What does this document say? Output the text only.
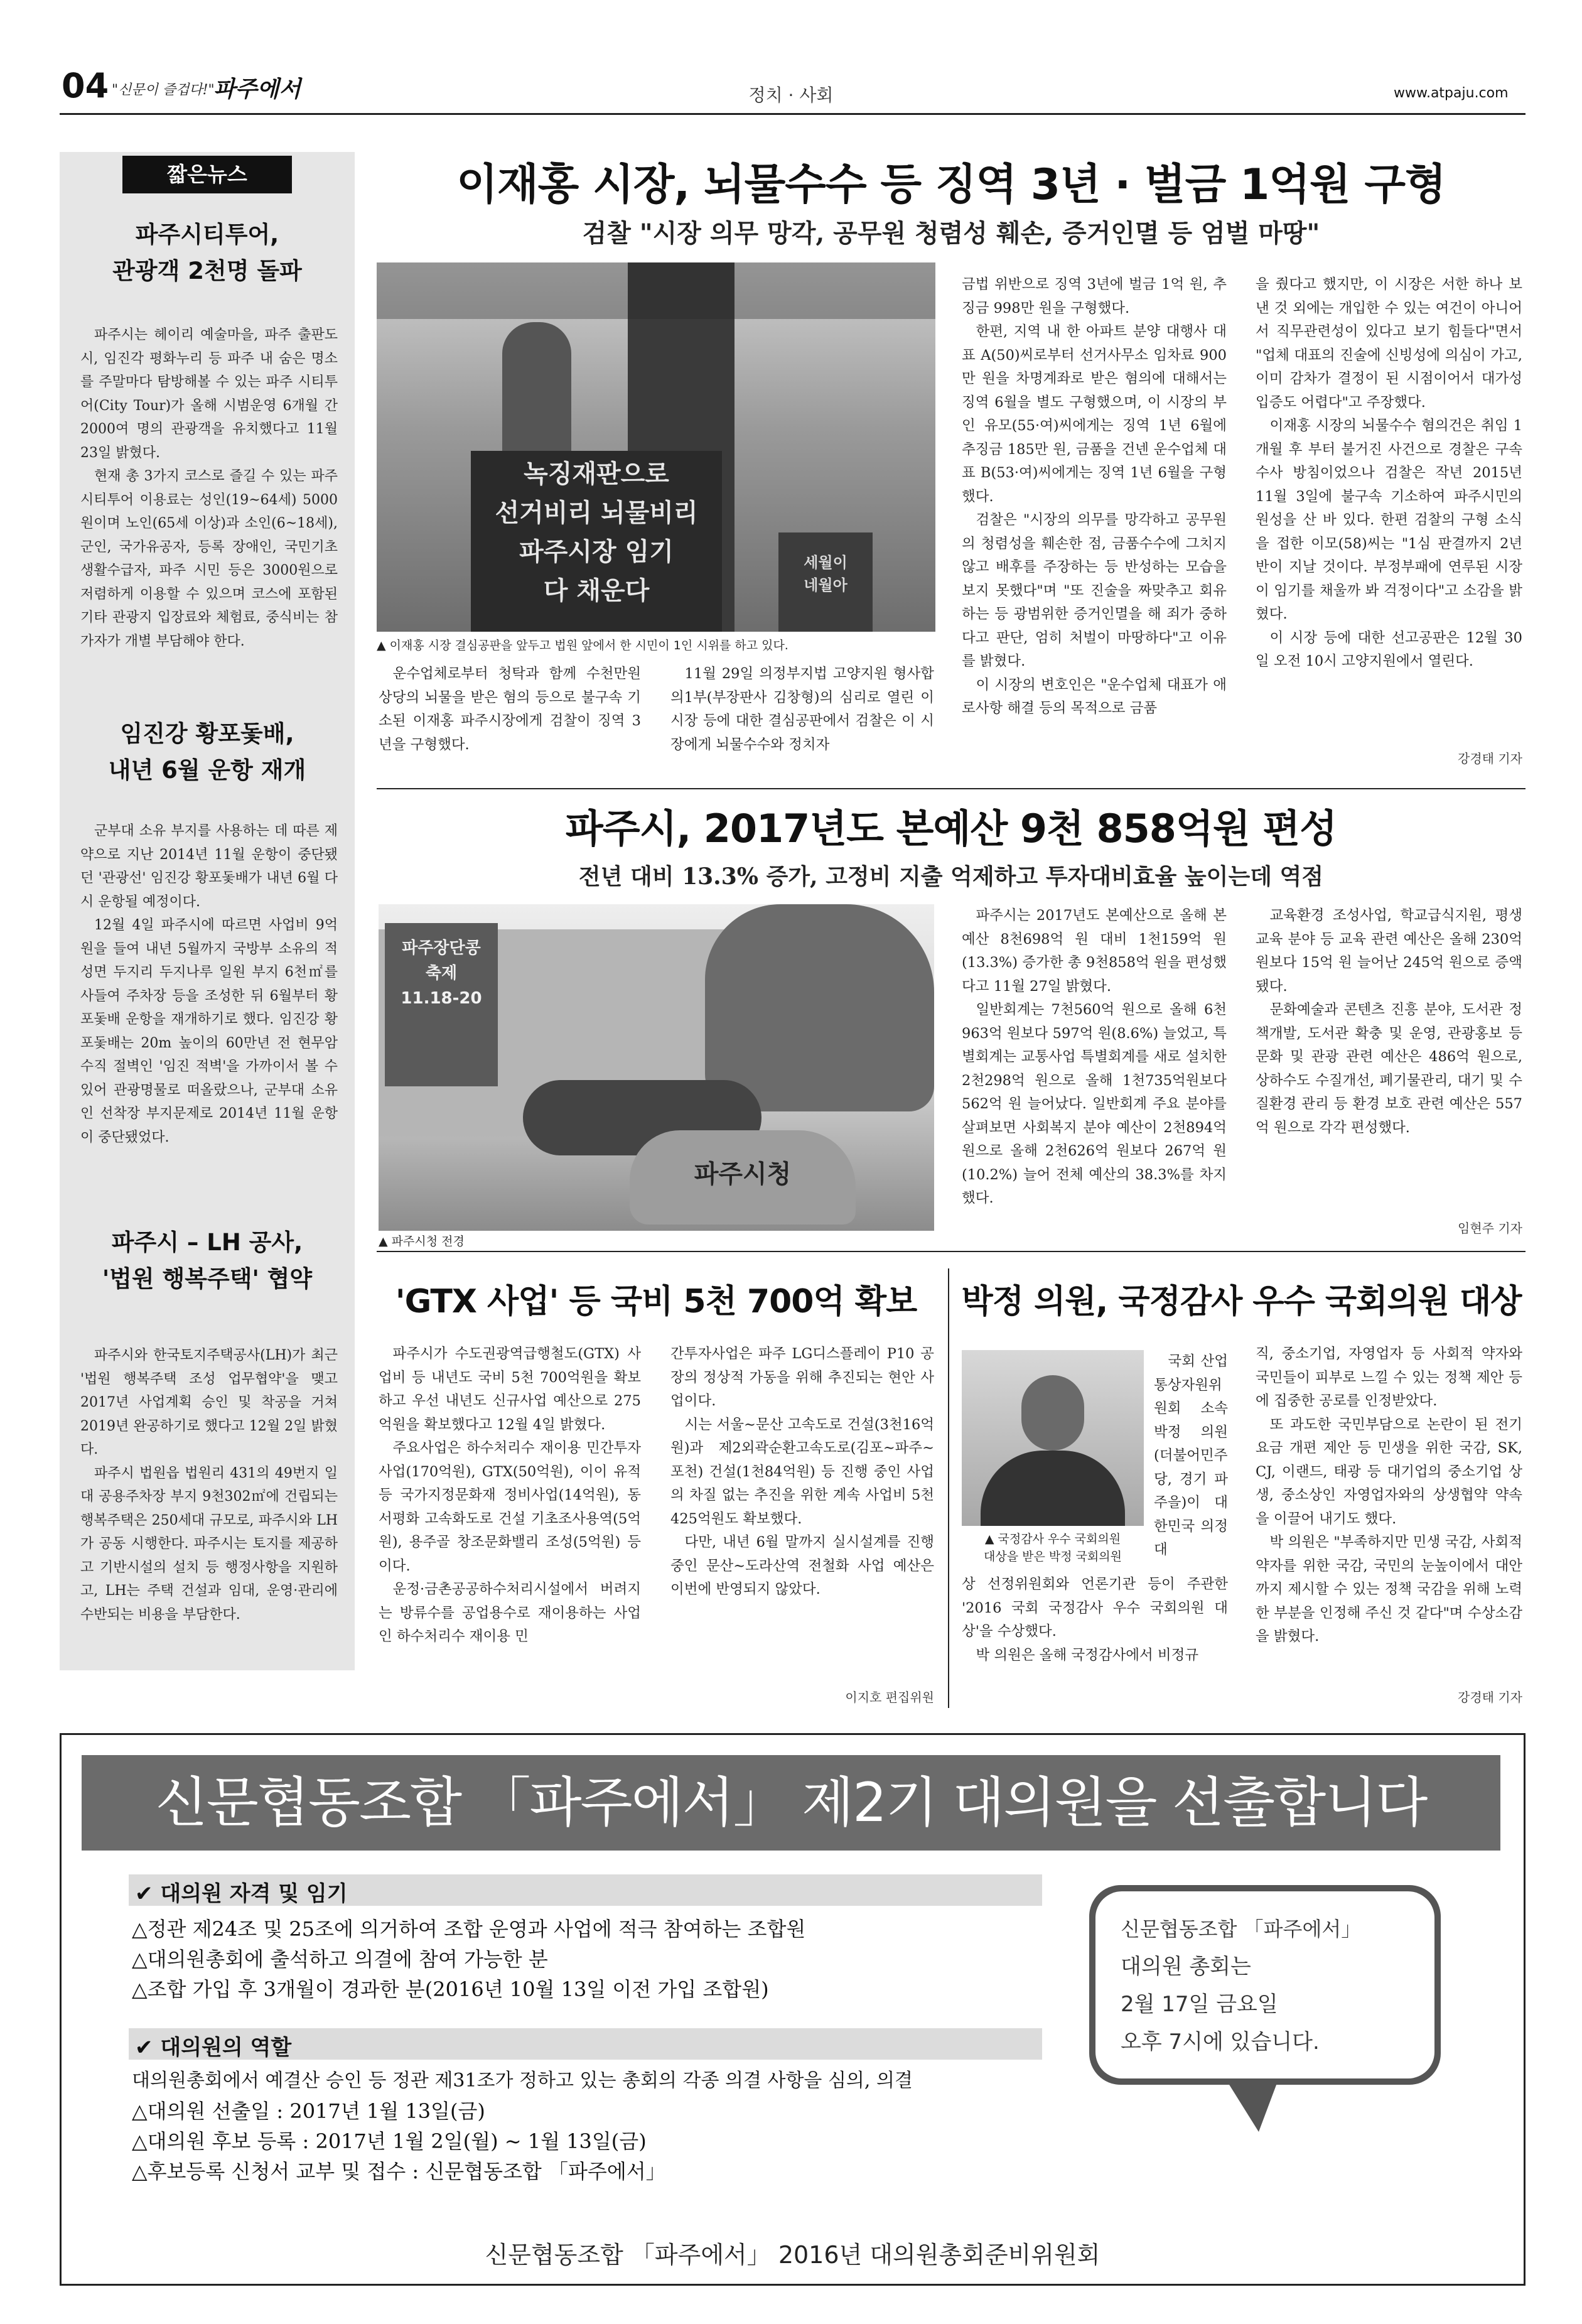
04 "신문이 즐겁다!"
파주에서	정치 · 사회	www.atpaju.com
짧은뉴스
파주시티투어,
관광객 2천명 돌파

파주시는 헤이리 예술마을, 파주 출판도시, 임진각 평화누리 등 파주 내 숨은 명소를 주말마다 탐방해볼 수 있는 파주 시티투어(City Tour)가 올해 시범운영 6개월 간 2000여 명의 관광객을 유치했다고 11월 23일 밝혔다.

현재 총 3가지 코스로 즐길 수 있는 파주 시티투어 이용료는 성인(19~64세) 5000원이며 노인(65세 이상)과 소인(6~18세), 군인, 국가유공자, 등록 장애인, 국민기초생활수급자, 파주 시민 등은 3000원으로 저렴하게 이용할 수 있으며 코스에 포함된 기타 관광지 입장료와 체험료, 중식비는 참가자가 개별 부담해야 한다.

임진강 황포돛배,
내년 6월 운항 재개

군부대 소유 부지를 사용하는 데 따른 제약으로 지난 2014년 11월 운항이 중단됐던 '관광선' 임진강 황포돛배가 내년 6월 다시 운항될 예정이다.

12월 4일 파주시에 따르면 사업비 9억 원을 들여 내년 5월까지 국방부 소유의 적성면 두지리 두지나루 일원 부지 6천㎡를 사들여 주차장 등을 조성한 뒤 6월부터 황포돛배 운항을 재개하기로 했다. 임진강 황포돛배는 20m 높이의 60만년 전 현무암 수직 절벽인 '임진 적벽'을 가까이서 볼 수 있어 관광명물로 떠올랐으나, 군부대 소유인 선착장 부지문제로 2014년 11월 운항이 중단됐었다.

파주시 – LH 공사,
'법원 행복주택' 협약

파주시와 한국토지주택공사(LH)가 최근 '법원 행복주택 조성 업무협약'을 맺고 2017년 사업계획 승인 및 착공을 거쳐 2019년 완공하기로 했다고 12월 2일 밝혔다.

파주시 법원읍 법원리 431의 49번지 일대 공용주차장 부지 9천302㎡에 건립되는 행복주택은 250세대 규모로, 파주시와 LH가 공동 시행한다. 파주시는 토지를 제공하고 기반시설의 설치 등 행정사항을 지원하고, LH는 주택 건설과 임대, 운영·관리에 수반되는 비용을 부담한다.

이재홍 시장, 뇌물수수 등 징역 3년 · 벌금 1억원 구형
검찰 "시장 의무 망각, 공무원 청렴성 훼손, 증거인멸 등 엄벌 마땅"
녹징재판으로
선거비리 뇌물비리
파주시장 임기
다 채운다
세월이
네월아
▲ 이재홍 시장 결심공판을 앞두고 법원 앞에서 한 시민이 1인 시위를 하고 있다.

운수업체로부터 청탁과 함께 수천만원 상당의 뇌물을 받은 혐의 등으로 불구속 기소된 이재홍 파주시장에게 검찰이 징역 3년을 구형했다.

11월 29일 의정부지법 고양지원 형사합의1부(부장판사 김창형)의 심리로 열린 이 시장 등에 대한 결심공판에서 검찰은 이 시장에게 뇌물수수와 정치자

금법 위반으로 징역 3년에 벌금 1억 원, 추징금 998만 원을 구형했다.

한편, 지역 내 한 아파트 분양 대행사 대표 A(50)씨로부터 선거사무소 임차료 900만 원을 차명계좌로 받은 혐의에 대해서는 징역 6월을 별도 구형했으며, 이 시장의 부인 유모(55·여)씨에게는 징역 1년 6월에 추징금 185만 원, 금품을 건넨 운수업체 대표 B(53·여)씨에게는 징역 1년 6월을 구형했다.

검찰은 "시장의 의무를 망각하고 공무원의 청렴성을 훼손한 점, 금품수수에 그치지 않고 배후를 주장하는 등 반성하는 모습을 보지 못했다"며 "또 진술을 짜맞추고 회유하는 등 광범위한 증거인멸을 해 죄가 중하다고 판단, 엄히 처벌이 마땅하다"고 이유를 밝혔다.

이 시장의 변호인은 "운수업체 대표가 애로사항 해결 등의 목적으로 금품

을 줬다고 했지만, 이 시장은 서한 하나 보낸 것 외에는 개입한 수 있는 여건이 아니어서 직무관련성이 있다고 보기 힘들다"면서 "업체 대표의 진술에 신빙성에 의심이 가고, 이미 감차가 결정이 된 시점이어서 대가성 입증도 어렵다"고 주장했다.

이재홍 시장의 뇌물수수 혐의건은 취임 1개월 후 부터 불거진 사건으로 경찰은 구속 수사 방침이었으나 검찰은 작년 2015년 11월 3일에 불구속 기소하여 파주시민의 원성을 산 바 있다. 한편 검찰의 구형 소식을 접한 이모(58)씨는 "1심 판결까지 2년 반이 지날 것이다. 부정부패에 연루된 시장이 임기를 채울까 봐 걱정이다"고 소감을 밝혔다.

이 시장 등에 대한 선고공판은 12월 30일 오전 10시 고양지원에서 열린다.

강경태 기자
파주시, 2017년도 본예산 9천 858억원 편성
전년 대비 13.3% 증가, 고정비 지출 억제하고 투자대비효율 높이는데 역점
파주장단콩
축제
11.18-20
파주시청
▲ 파주시청 전경

파주시는 2017년도 본예산으로 올해 본예산 8천698억 원 대비 1천159억 원(13.3%) 증가한 총 9천858억 원을 편성했다고 11월 27일 밝혔다.

일반회계는 7천560억 원으로 올해 6천963억 원보다 597억 원(8.6%) 늘었고, 특별회계는 교통사업 특별회계를 새로 설치한 2천298억 원으로 올해 1천735억원보다 562억 원 늘어났다. 일반회계 주요 분야를 살펴보면 사회복지 분야 예산이 2천894억 원으로 올해 2천626억 원보다 267억 원(10.2%) 늘어 전체 예산의 38.3%를 차지했다.

교육환경 조성사업, 학교급식지원, 평생교육 분야 등 교육 관련 예산은 올해 230억 원보다 15억 원 늘어난 245억 원으로 증액됐다.

문화예술과 콘텐츠 진흥 분야, 도서관 정책개발, 도서관 확충 및 운영, 관광홍보 등 문화 및 관광 관련 예산은 486억 원으로, 상하수도 수질개선, 폐기물관리, 대기 및 수질환경 관리 등 환경 보호 관련 예산은 557억 원으로 각각 편성했다.

임현주 기자
'GTX 사업' 등 국비 5천 700억 확보

파주시가 수도권광역급행철도(GTX) 사업비 등 내년도 국비 5천 700억원을 확보하고 우선 내년도 신규사업 예산으로 275억원을 확보했다고 12월 4일 밝혔다.

주요사업은 하수처리수 재이용 민간투자사업(170억원), GTX(50억원), 이이 유적 등 국가지정문화재 정비사업(14억원), 동서평화 고속화도로 건설 기초조사용역(5억원), 용주골 창조문화밸리 조성(5억원) 등이다.

운정·금촌공공하수처리시설에서 버려지는 방류수를 공업용수로 재이용하는 사업인 하수처리수 재이용 민

간투자사업은 파주 LG디스플레이 P10 공장의 정상적 가동을 위해 추진되는 현안 사업이다.

시는 서울~문산 고속도로 건설(3천16억원)과 제2외곽순환고속도로(김포~파주~포천) 건설(1천84억원) 등 진행 중인 사업의 차질 없는 추진을 위한 계속 사업비 5천425억원도 확보했다.

다만, 내년 6월 말까지 실시설계를 진행 중인 문산~도라산역 전철화 사업 예산은 이번에 반영되지 않았다.

이지호 편집위원
박정 의원, 국정감사 우수 국회의원 대상
▲ 국정감사 우수 국회의원
대상을 받은 박정 국회의원

국회 산업통상자원위원회 소속 박정 의원(더불어민주당, 경기 파주을)이 대한민국 의정대

상 선정위원회와 언론기관 등이 주관한 '2016 국회 국정감사 우수 국회의원 대상'을 수상했다.

박 의원은 올해 국정감사에서 비정규

직, 중소기업, 자영업자 등 사회적 약자와 국민들이 피부로 느낄 수 있는 정책 제안 등에 집중한 공로를 인정받았다.

또 과도한 국민부담으로 논란이 된 전기요금 개편 제안 등 민생을 위한 국감, SK, CJ, 이랜드, 태광 등 대기업의 중소기업 상생, 중소상인 자영업자와의 상생협약 약속을 이끌어 내기도 했다.

박 의원은 "부족하지만 민생 국감, 사회적 약자를 위한 국감, 국민의 눈높이에서 대안까지 제시할 수 있는 정책 국감을 위해 노력한 부분을 인정해 주신 것 같다"며 수상소감을 밝혔다.

강경태 기자
신문협동조합 「파주에서」 제2기 대의원을 선출합니다
✔ 대의원 자격 및 임기
△정관 제24조 및 25조에 의거하여 조합 운영과 사업에 적극 참여하는 조합원
△대의원총회에 출석하고 의결에 참여 가능한 분
△조합 가입 후 3개월이 경과한 분(2016년 10월 13일 이전 가입 조합원)
✔ 대의원의 역할
대의원총회에서 예결산 승인 등 정관 제31조가 정하고 있는 총회의 각종 의결 사항을 심의, 의결
△대의원 선출일 : 2017년 1월 13일(금)
△대의원 후보 등록 : 2017년 1월 2일(월) ~ 1월 13일(금)
△후보등록 신청서 교부 및 접수 : 신문협동조합 「파주에서」
신문협동조합 「파주에서」
대의원 총회는
2월 17일 금요일
오후 7시에 있습니다.
신문협동조합 「파주에서」 2016년 대의원총회준비위원회
